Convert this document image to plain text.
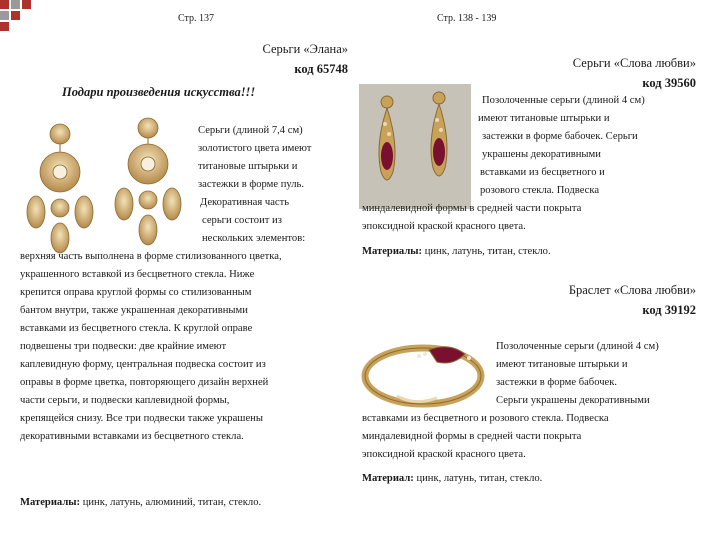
Стр. 137	Стр. 138 - 139
Серьги «Элана»
код 65748
Подари произведения искусства!!!
Серьги (длиной 7,4 см)
золотистого цвета имеют
титановые штырьки и
застежки в форме пуль.
Декоративная часть
серьги состоит из
нескольких элементов:
верхняя часть выполнена в форме стилизованного цветка,
украшенного вставкой из бесцветного стекла. Ниже
крепится оправа круглой формы со стилизованным
бантом внутри, также украшенная декоративными
вставками из бесцветного стекла. К круглой оправе
подвешены три подвески: две крайние имеют
каплевидную форму, центральная подвеска состоит из
оправы в форме цветка, повторяющего дизайн верхней
части серьги, и подвески каплевидной формы,
крепящейся снизу. Все три подвески также украшены
декоративными вставками из бесцветного стекла.
Материалы: цинк, латунь, алюминий, титан, стекло.
Серьги «Слова любви»
код 39560
Позолоченные серьги (длиной 4 см)
имеют титановые штырьки и
застежки в форме бабочек. Серьги
украшены декоративными
вставками из бесцветного и
розового стекла. Подвеска
миндалевидной формы в средней части покрыта
эпоксидной краской красного цвета.
Материалы: цинк, латунь, титан, стекло.
Браслет «Слова любви»
код 39192
Позолоченные серьги (длиной 4 см)
имеют титановые штырьки и
застежки в форме бабочек.
Серьги украшены декоративными
вставками из бесцветного и розового стекла. Подвеска
миндалевидной формы в средней части покрыта
эпоксидной краской красного цвета.
Материал: цинк, латунь, титан, стекло.
